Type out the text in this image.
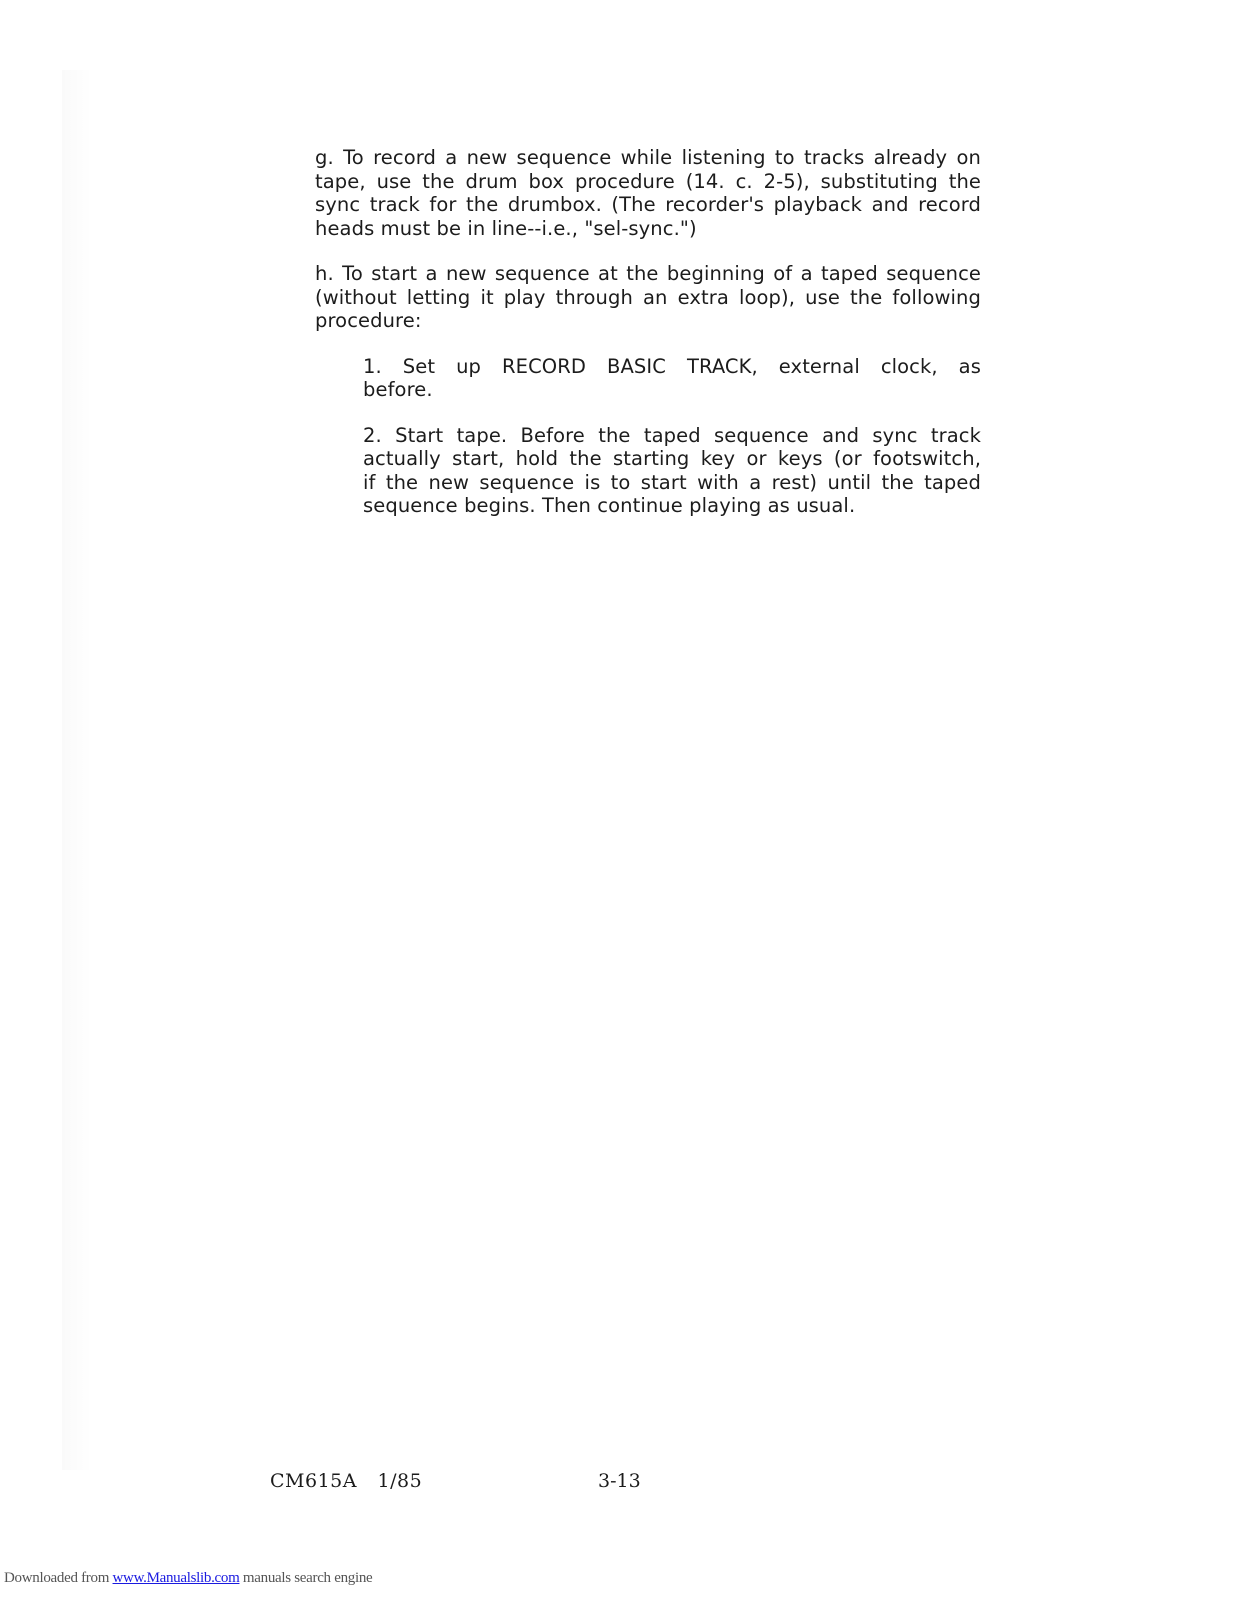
g. To record a new sequence while listening to tracks already on
tape, use the drum box procedure (14. c. 2-5), substituting the
sync track for the drumbox. (The recorder's playback and record
heads must be in line--i.e., "sel-sync.")

h. To start a new sequence at the beginning of a taped sequence
(without letting it play through an extra loop), use the following
procedure:

1. Set up RECORD BASIC TRACK, external clock, as
before.

2. Start tape. Before the taped sequence and sync track
actually start, hold the starting key or keys (or footswitch,
if the new sequence is to start with a rest) until the taped
sequence begins. Then continue playing as usual.

CM615A 1/85	3-13
Downloaded from www.Manualslib.com manuals search engine
